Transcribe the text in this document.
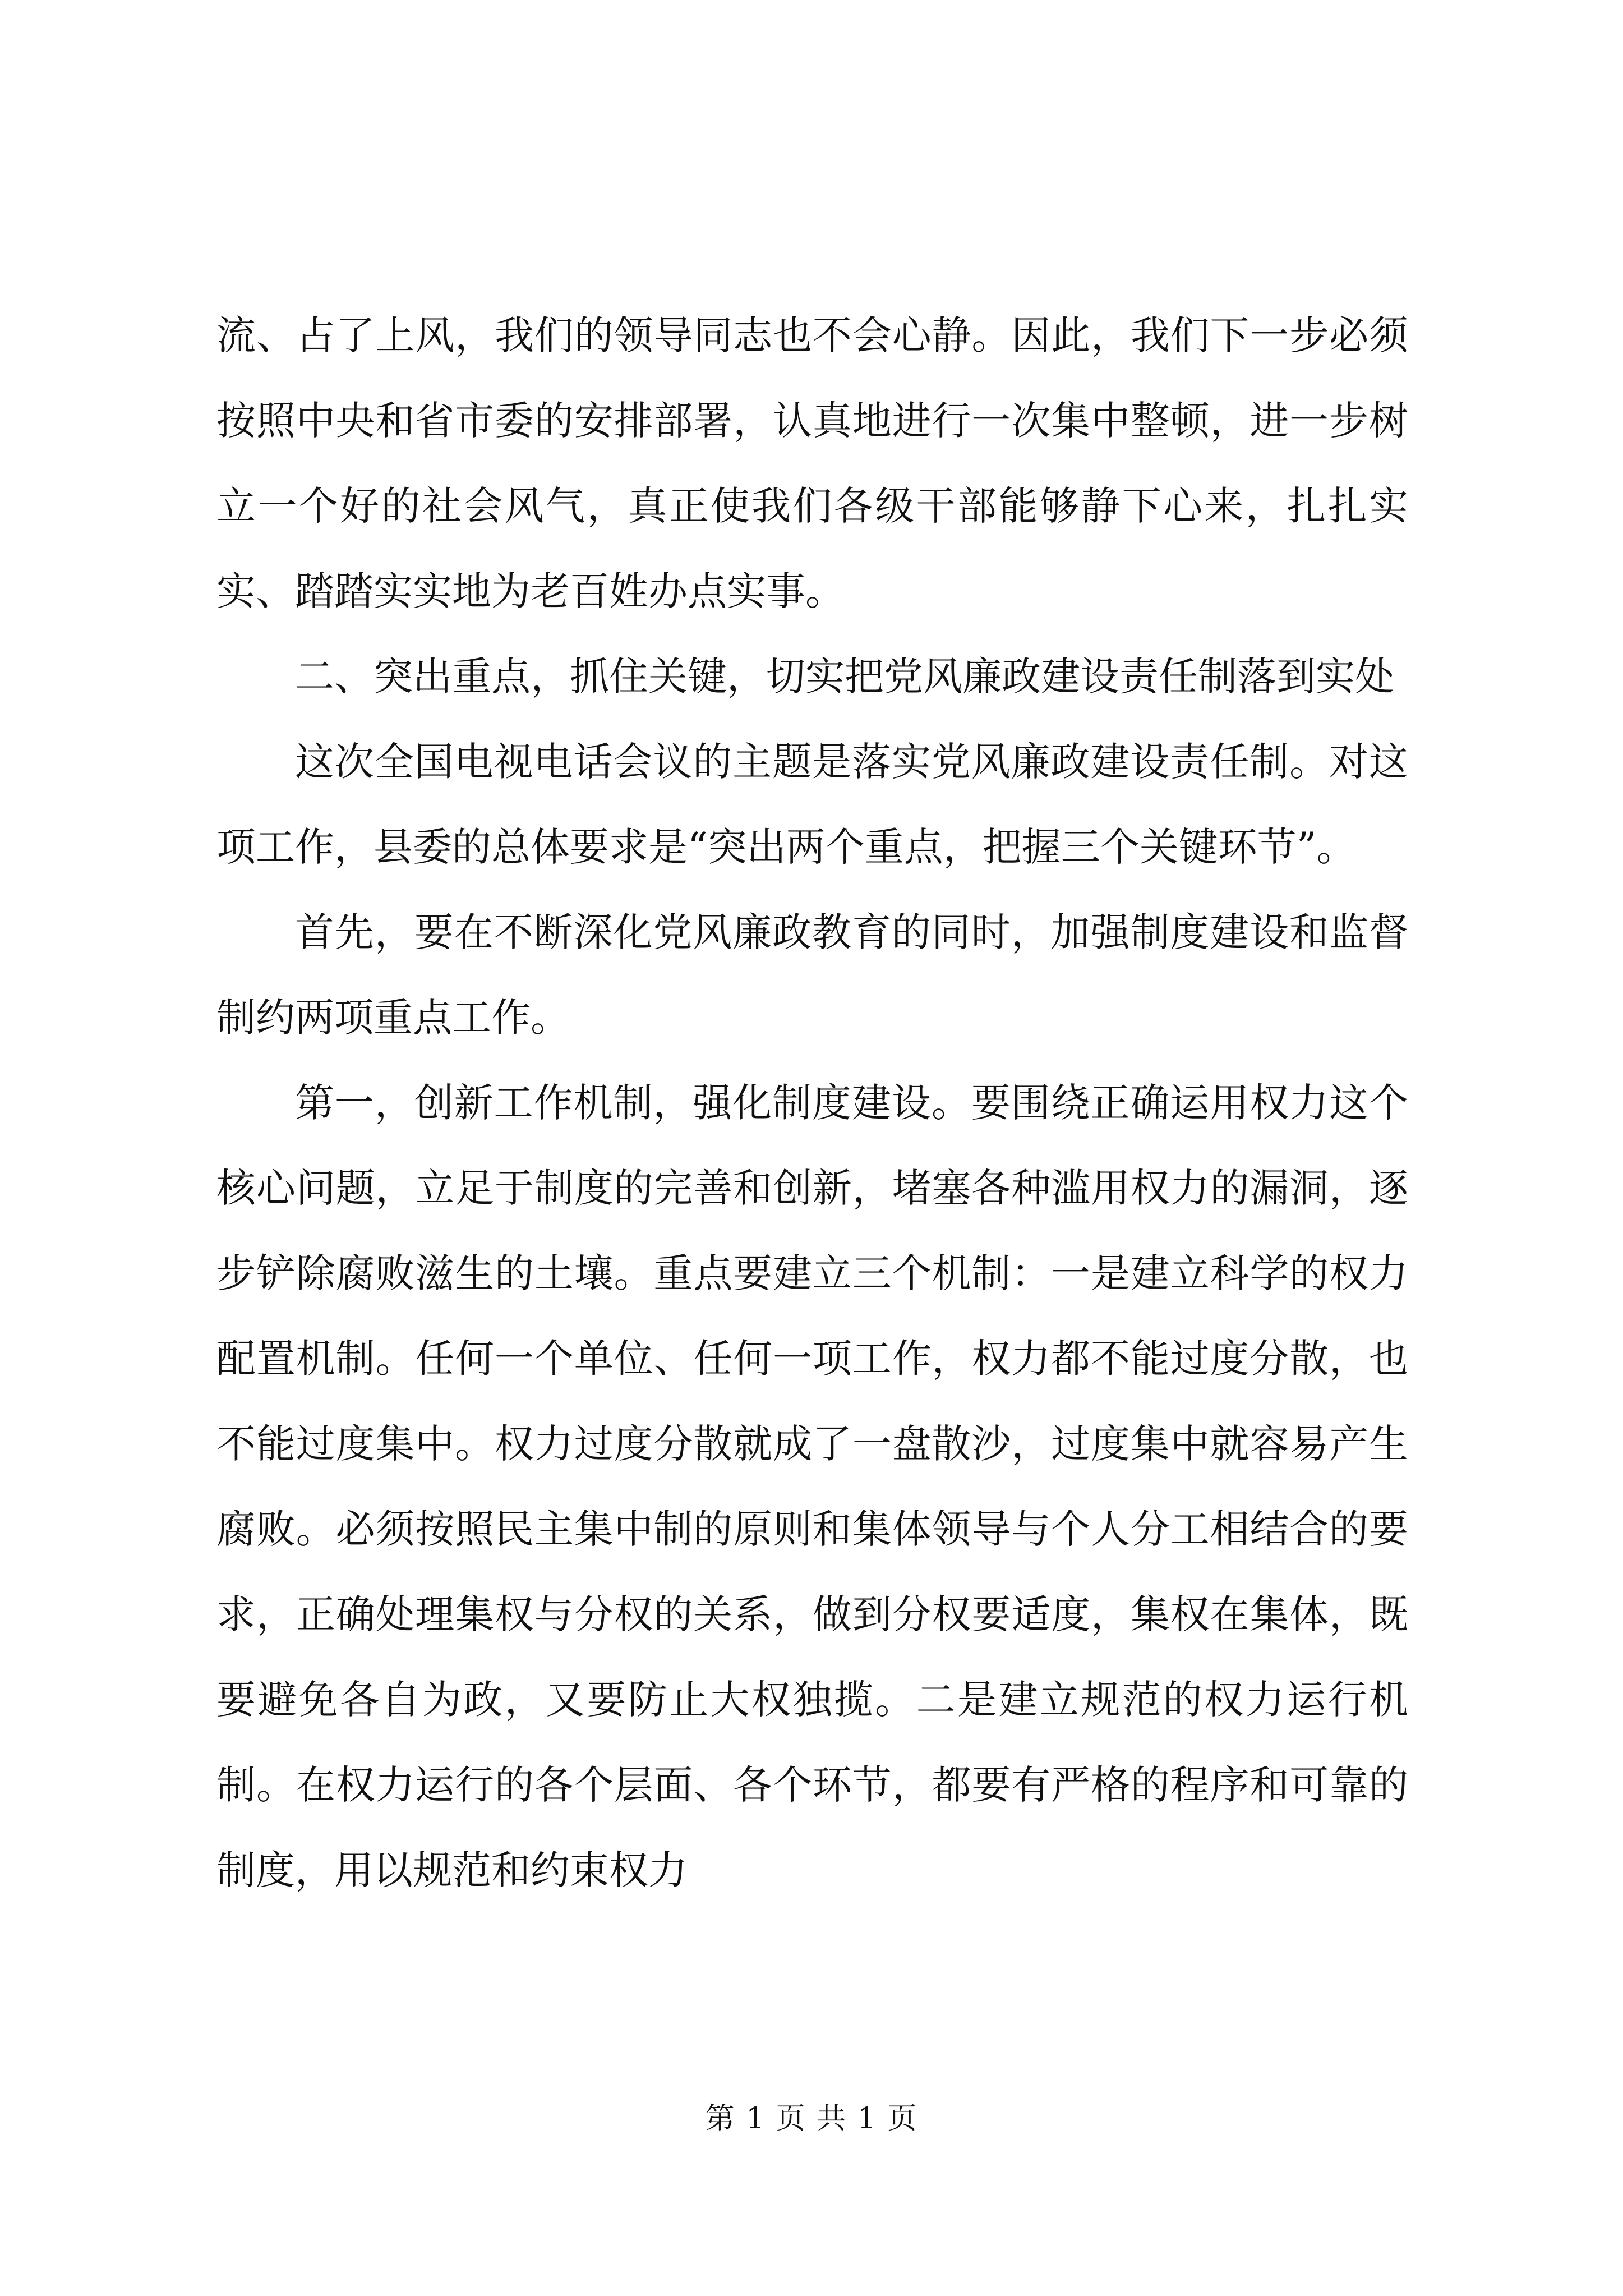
流、占了上风，我们的领导同志也不会心静。因此，我们下一步必须按照中央和省市委的安排部署，认真地进行一次集中整顿，进一步树立一个好的社会风气，真正使我们各级干部能够静下心来，扎扎实实、踏踏实实地为老百姓办点实事。

二、突出重点，抓住关键，切实把党风廉政建设责任制落到实处

这次全国电视电话会议的主题是落实党风廉政建设责任制。对这项工作，县委的总体要求是“突出两个重点，把握三个关键环节”。

首先，要在不断深化党风廉政教育的同时，加强制度建设和监督制约两项重点工作。

第一，创新工作机制，强化制度建设。要围绕正确运用权力这个核心问题，立足于制度的完善和创新，堵塞各种滥用权力的漏洞，逐步铲除腐败滋生的土壤。重点要建立三个机制：一是建立科学的权力配置机制。任何一个单位、任何一项工作，权力都不能过度分散，也不能过度集中。权力过度分散就成了一盘散沙，过度集中就容易产生腐败。必须按照民主集中制的原则和集体领导与个人分工相结合的要求，正确处理集权与分权的关系，做到分权要适度，集权在集体，既要避免各自为政，又要防止大权独揽。二是建立规范的权力运行机制。在权力运行的各个层面、各个环节，都要有严格的程序和可靠的制度，用以规范和约束权力

第 1 页 共 1 页
